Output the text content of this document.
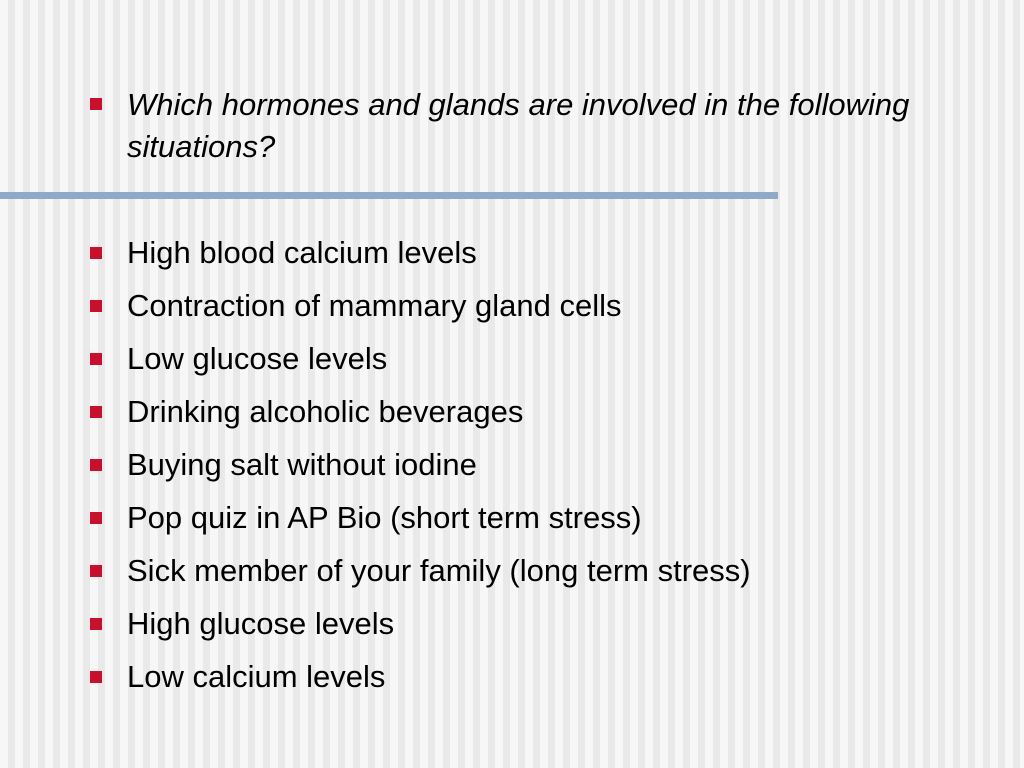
Which hormones and glands are involved in the following situations?
High blood calcium levels
Contraction of mammary gland cells
Low glucose levels
Drinking alcoholic beverages
Buying salt without iodine
Pop quiz in AP Bio (short term stress)
Sick member of your family (long term stress)
High glucose levels
Low calcium levels
